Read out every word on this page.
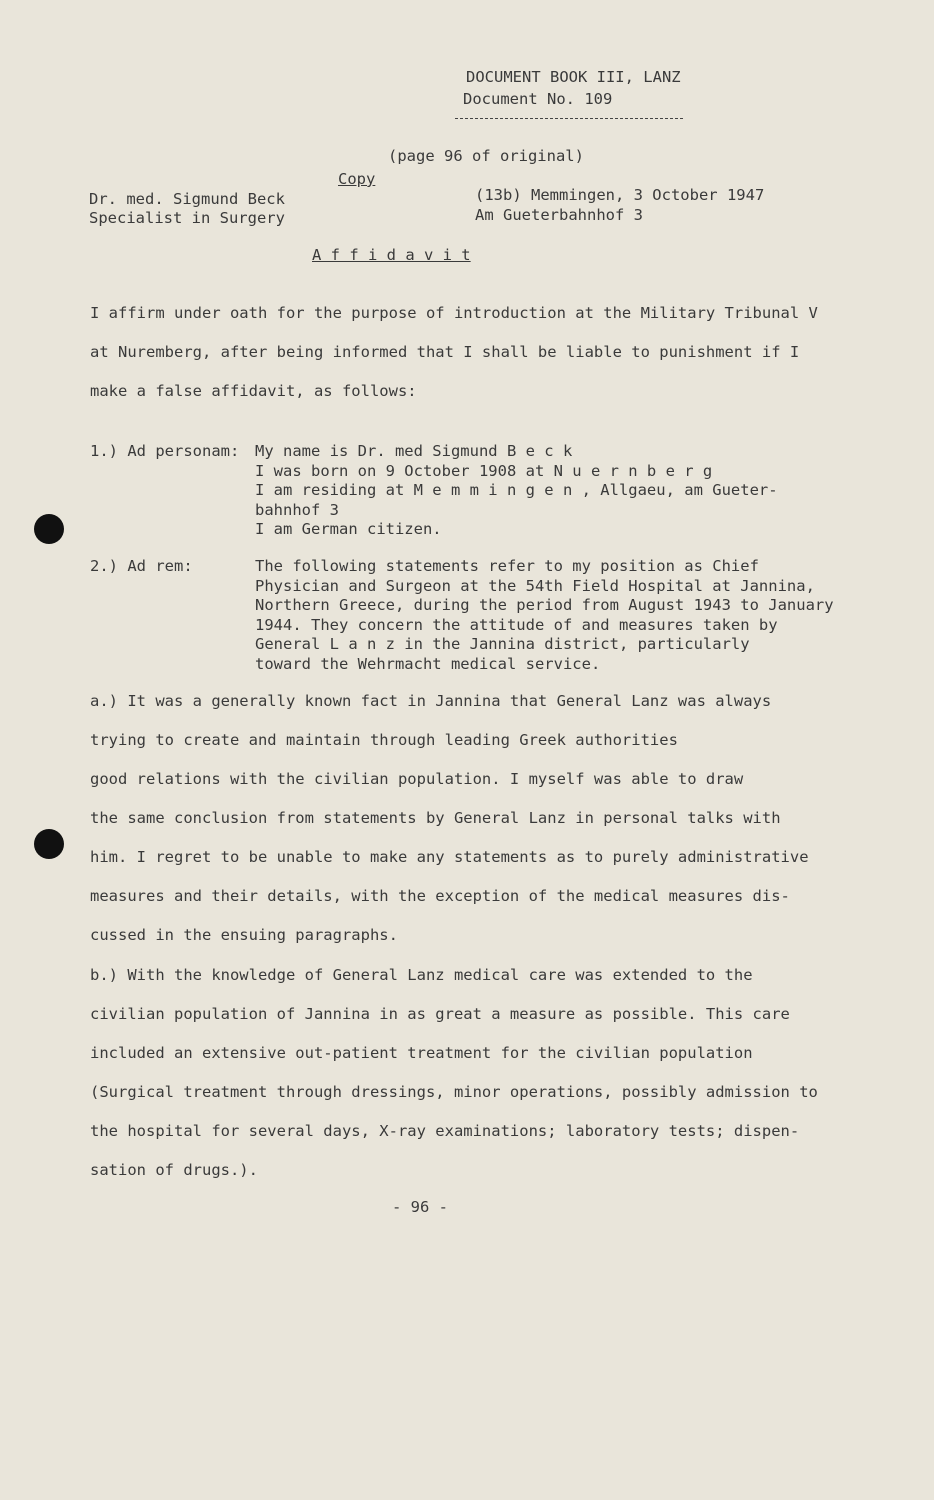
DOCUMENT BOOK III, LANZ
Document No. 109
(page 96 of original)
Copy
Dr. med. Sigmund Beck
Specialist in Surgery
(13b) Memmingen, 3 October 1947
Am Gueterbahnhof 3
A f f i d a v i t
I affirm under oath for the purpose of introduction at the Military Tribunal V
at Nuremberg, after being informed that I shall be liable to punishment if I
make a false affidavit, as follows:
1.) Ad personam: My name is Dr. med Sigmund B e c k
I was born on 9 October 1908 at N u e r n b e r g
I am residing at M e m m i n g e n , Allgaeu, am Gueter-
bahnhof 3
I am German citizen.
2.) Ad rem:	The following statements refer to my position as Chief
Physician and Surgeon at the 54th Field Hospital at Jannina,
Northern Greece, during the period from August 1943 to January
1944. They concern the attitude of and measures taken by
General L a n z in the Jannina district, particularly
toward the Wehrmacht medical service.
a.) It was a generally known fact in Jannina that General Lanz was always
trying to create and maintain through leading Greek authorities
good relations with the civilian population. I myself was able to draw
the same conclusion from statements by General Lanz in personal talks with
him. I regret to be unable to make any statements as to purely administrative
measures and their details, with the exception of the medical measures dis-
cussed in the ensuing paragraphs.
b.) With the knowledge of General Lanz medical care was extended to the
civilian population of Jannina in as great a measure as possible. This care
included an extensive out-patient treatment for the civilian population
(Surgical treatment through dressings, minor operations, possibly admission to
the hospital for several days, X-ray examinations; laboratory tests; dispen-
sation of drugs.).
- 96 -
